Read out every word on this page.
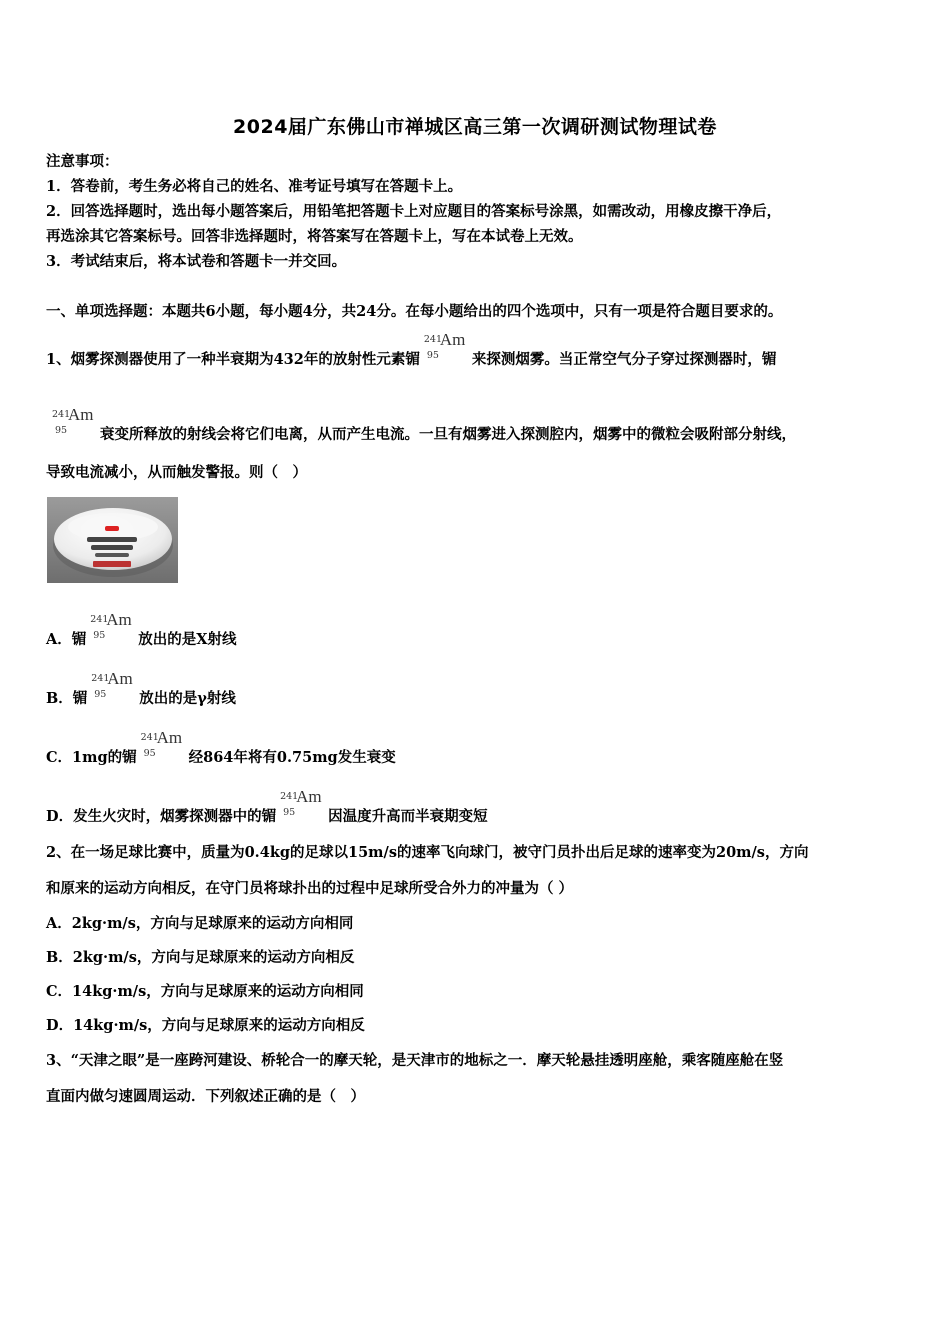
2024届广东佛山市禅城区高三第一次调研测试物理试卷
注意事项：
1．答卷前，考生务必将自己的姓名、准考证号填写在答题卡上。
2．回答选择题时，选出每小题答案后，用铅笔把答题卡上对应题目的答案标号涂黑，如需改动，用橡皮擦干净后，
再选涂其它答案标号。回答非选择题时，将答案写在答题卡上，写在本试卷上无效。
3．考试结束后，将本试卷和答题卡一并交回。
一、单项选择题：本题共6小题，每小题4分，共24分。在每小题给出的四个选项中，只有一项是符合题目要求的。
1、烟雾探测器使用了一种半衰期为432年的放射性元素镅
241
95
Am
来探测烟雾。当正常空气分子穿过探测器时，镅
241
95
Am
衰变所释放的射线会将它们电离，从而产生电流。一旦有烟雾进入探测腔内，烟雾中的微粒会吸附部分射线，
导致电流减小，从而触发警报。则（　）
A．镅
241
95
Am
放出的是X射线
B．镅
241
95
Am
放出的是γ射线
C．1mg的镅
241
95
Am
经864年将有0.75mg发生衰变
D．发生火灾时，烟雾探测器中的镅
241
95
Am
因温度升高而半衰期变短
2、在一场足球比赛中，质量为0.4kg的足球以15m/s的速率飞向球门，被守门员扑出后足球的速率变为20m/s，方向
和原来的运动方向相反，在守门员将球扑出的过程中足球所受合外力的冲量为（ ）
A．2kg·m/s，方向与足球原来的运动方向相同
B．2kg·m/s，方向与足球原来的运动方向相反
C．14kg·m/s，方向与足球原来的运动方向相同
D．14kg·m/s，方向与足球原来的运动方向相反
3、“天津之眼”是一座跨河建设、桥轮合一的摩天轮，是天津市的地标之一．摩天轮悬挂透明座舱，乘客随座舱在竖
直面内做匀速圆周运动．下列叙述正确的是（　）
